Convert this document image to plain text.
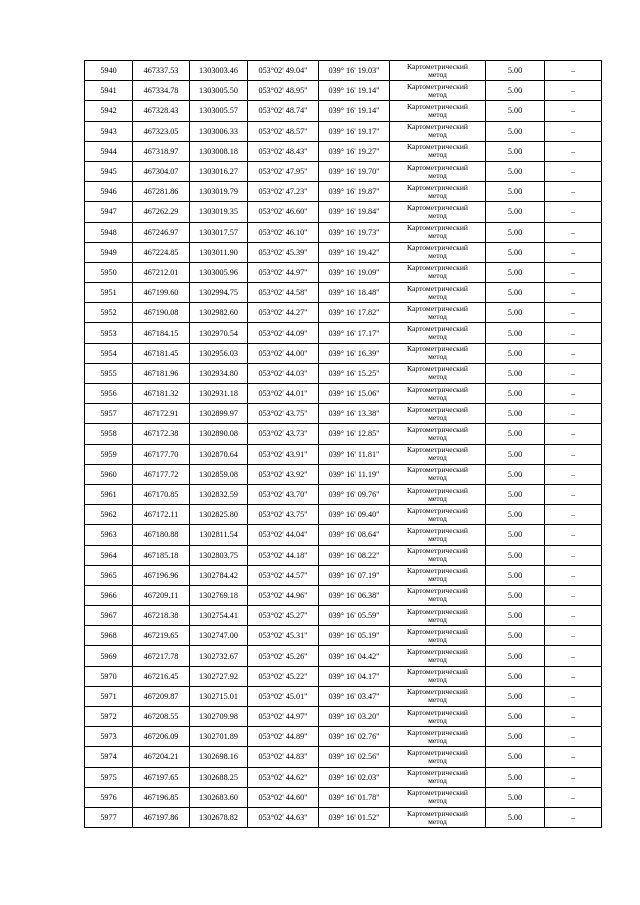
5940	467337.53	1303003.46	053°02' 49.04"	039° 16' 19.03"	Картометрический
метод	5.00	–
5941	467334.78	1303005.50	053°02' 48.95"	039° 16' 19.14"	Картометрический
метод	5.00	–
5942	467328.43	1303005.57	053°02' 48.74"	039° 16' 19.14"	Картометрический
метод	5.00	–
5943	467323.05	1303006.33	053°02' 48.57"	039° 16' 19.17"	Картометрический
метод	5.00	–
5944	467318.97	1303008.18	053°02' 48.43"	039° 16' 19.27"	Картометрический
метод	5.00	–
5945	467304.07	1303016.27	053°02' 47.95"	039° 16' 19.70"	Картометрический
метод	5.00	–
5946	467281.86	1303019.79	053°02' 47.23"	039° 16' 19.87"	Картометрический
метод	5.00	–
5947	467262.29	1303019.35	053°02' 46.60"	039° 16' 19.84"	Картометрический
метод	5.00	–
5948	467246.97	1303017.57	053°02' 46.10"	039° 16' 19.73"	Картометрический
метод	5.00	–
5949	467224.85	1303011.90	053°02' 45.39"	039° 16' 19.42"	Картометрический
метод	5.00	–
5950	467212.01	1303005.96	053°02' 44.97"	039° 16' 19.09"	Картометрический
метод	5.00	–
5951	467199.60	1302994.75	053°02' 44.58"	039° 16' 18.48"	Картометрический
метод	5.00	–
5952	467190.08	1302982.60	053°02' 44.27"	039° 16' 17.82"	Картометрический
метод	5.00	–
5953	467184.15	1302970.54	053°02' 44.09"	039° 16' 17.17"	Картометрический
метод	5.00	–
5954	467181.45	1302956.03	053°02' 44.00"	039° 16' 16.39"	Картометрический
метод	5.00	–
5955	467181.96	1302934.80	053°02' 44.03"	039° 16' 15.25"	Картометрический
метод	5.00	–
5956	467181.32	1302931.18	053°02' 44.01"	039° 16' 15.06"	Картометрический
метод	5.00	–
5957	467172.91	1302899.97	053°02' 43.75"	039° 16' 13.38"	Картометрический
метод	5.00	–
5958	467172.38	1302890.08	053°02' 43.73"	039° 16' 12.85"	Картометрический
метод	5.00	–
5959	467177.70	1302870.64	053°02' 43.91"	039° 16' 11.81"	Картометрический
метод	5.00	–
5960	467177.72	1302859.08	053°02' 43.92"	039° 16' 11.19"	Картометрический
метод	5.00	–
5961	467170.85	1302832.59	053°02' 43.70"	039° 16' 09.76"	Картометрический
метод	5.00	–
5962	467172.11	1302825.80	053°02' 43.75"	039° 16' 09.40"	Картометрический
метод	5.00	–
5963	467180.88	1302811.54	053°02' 44.04"	039° 16' 08.64"	Картометрический
метод	5.00	–
5964	467185.18	1302803.75	053°02' 44.18"	039° 16' 08.22"	Картометрический
метод	5.00	–
5965	467196.96	1302784.42	053°02' 44.57"	039° 16' 07.19"	Картометрический
метод	5.00	–
5966	467209.11	1302769.18	053°02' 44.96"	039° 16' 06.38"	Картометрический
метод	5.00	–
5967	467218.38	1302754.41	053°02' 45.27"	039° 16' 05.59"	Картометрический
метод	5.00	–
5968	467219.65	1302747.00	053°02' 45.31"	039° 16' 05.19"	Картометрический
метод	5.00	–
5969	467217.78	1302732.67	053°02' 45.26"	039° 16' 04.42"	Картометрический
метод	5.00	–
5970	467216.45	1302727.92	053°02' 45.22"	039° 16' 04.17"	Картометрический
метод	5.00	–
5971	467209.87	1302715.01	053°02' 45.01"	039° 16' 03.47"	Картометрический
метод	5.00	–
5972	467208.55	1302709.98	053°02' 44.97"	039° 16' 03.20"	Картометрический
метод	5.00	–
5973	467206.09	1302701.89	053°02' 44.89"	039° 16' 02.76"	Картометрический
метод	5.00	–
5974	467204.21	1302698.16	053°02' 44.83"	039° 16' 02.56"	Картометрический
метод	5.00	–
5975	467197.65	1302688.25	053°02' 44.62"	039° 16' 02.03"	Картометрический
метод	5.00	–
5976	467196.85	1302683.60	053°02' 44.60"	039° 16' 01.78"	Картометрический
метод	5.00	–
5977	467197.86	1302678.82	053°02' 44.63"	039° 16' 01.52"	Картометрический
метод	5.00	–
